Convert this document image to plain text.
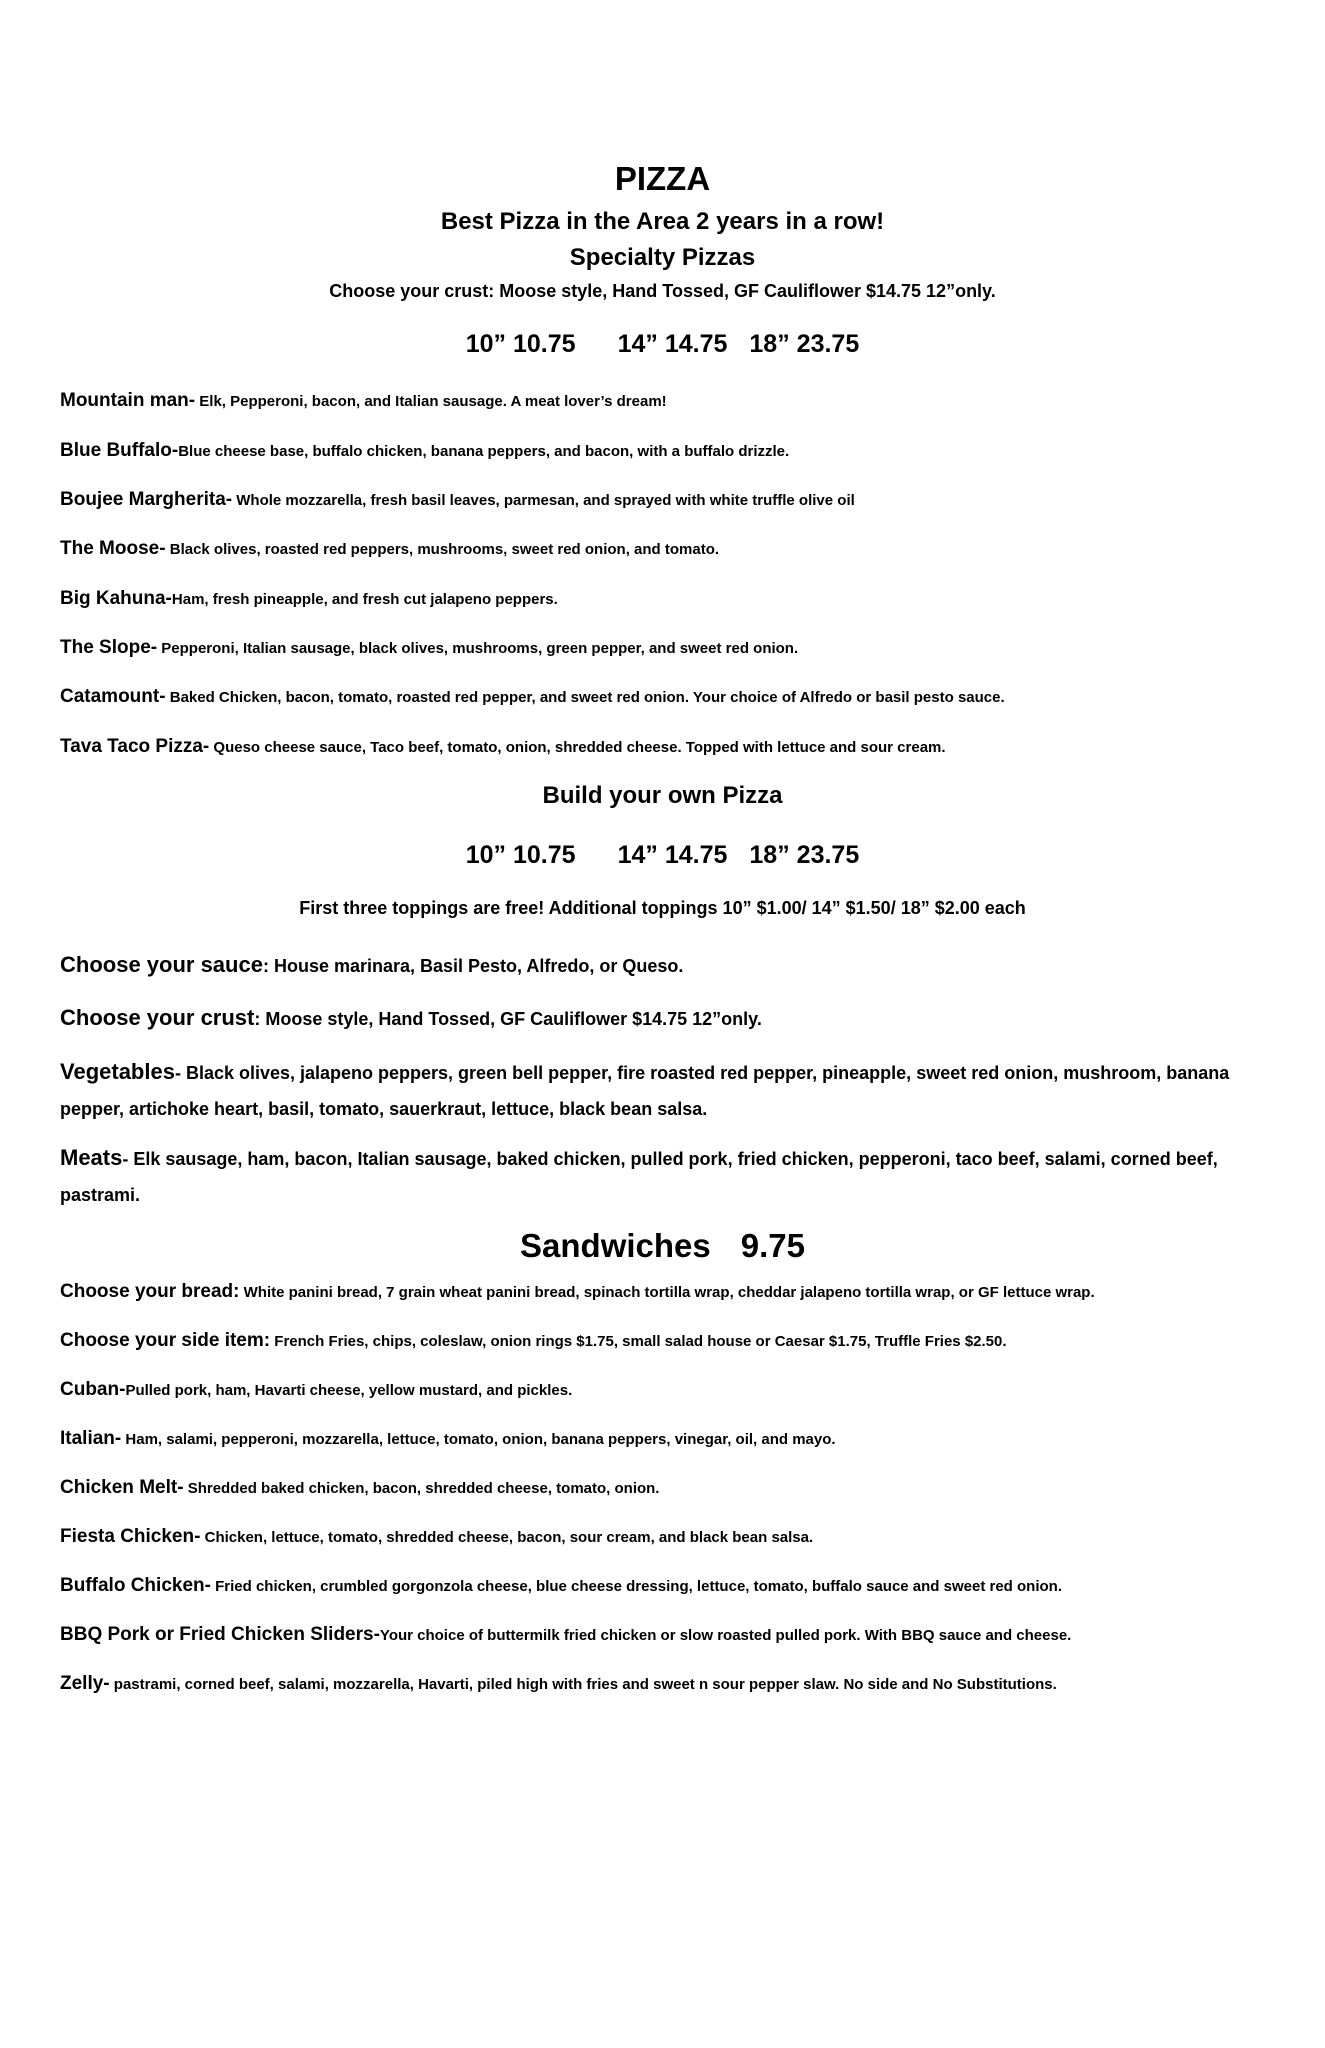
PIZZA
Best Pizza in the Area 2 years in a row!
Specialty Pizzas
Choose your crust: Moose style, Hand Tossed, GF Cauliflower $14.75 12”only.
10” 10.75 14” 14.75 18” 23.75
Mountain man- Elk, Pepperoni, bacon, and Italian sausage. A meat lover’s dream!
Blue Buffalo-Blue cheese base, buffalo chicken, banana peppers, and bacon, with a buffalo drizzle.
Boujee Margherita- Whole mozzarella, fresh basil leaves, parmesan, and sprayed with white truffle olive oil
The Moose- Black olives, roasted red peppers, mushrooms, sweet red onion, and tomato.
Big Kahuna-Ham, fresh pineapple, and fresh cut jalapeno peppers.
The Slope- Pepperoni, Italian sausage, black olives, mushrooms, green pepper, and sweet red onion.
Catamount- Baked Chicken, bacon, tomato, roasted red pepper, and sweet red onion. Your choice of Alfredo or basil pesto sauce.
Tava Taco Pizza- Queso cheese sauce, Taco beef, tomato, onion, shredded cheese. Topped with lettuce and sour cream.
Build your own Pizza
10” 10.75 14” 14.75 18” 23.75
First three toppings are free! Additional toppings 10” $1.00/ 14” $1.50/ 18” $2.00 each
Choose your sauce: House marinara, Basil Pesto, Alfredo, or Queso.
Choose your crust: Moose style, Hand Tossed, GF Cauliflower $14.75 12”only.
Vegetables- Black olives, jalapeno peppers, green bell pepper, fire roasted red pepper, pineapple, sweet red onion, mushroom, banana pepper, artichoke heart, basil, tomato, sauerkraut, lettuce, black bean salsa.
Meats- Elk sausage, ham, bacon, Italian sausage, baked chicken, pulled pork, fried chicken, pepperoni, taco beef, salami, corned beef, pastrami.
Sandwiches 9.75
Choose your bread: White panini bread, 7 grain wheat panini bread, spinach tortilla wrap, cheddar jalapeno tortilla wrap, or GF lettuce wrap.
Choose your side item: French Fries, chips, coleslaw, onion rings $1.75, small salad house or Caesar $1.75, Truffle Fries $2.50.
Cuban-Pulled pork, ham, Havarti cheese, yellow mustard, and pickles.
Italian- Ham, salami, pepperoni, mozzarella, lettuce, tomato, onion, banana peppers, vinegar, oil, and mayo.
Chicken Melt- Shredded baked chicken, bacon, shredded cheese, tomato, onion.
Fiesta Chicken- Chicken, lettuce, tomato, shredded cheese, bacon, sour cream, and black bean salsa.
Buffalo Chicken- Fried chicken, crumbled gorgonzola cheese, blue cheese dressing, lettuce, tomato, buffalo sauce and sweet red onion.
BBQ Pork or Fried Chicken Sliders-Your choice of buttermilk fried chicken or slow roasted pulled pork. With BBQ sauce and cheese.
Zelly- pastrami, corned beef, salami, mozzarella, Havarti, piled high with fries and sweet n sour pepper slaw. No side and No Substitutions.
